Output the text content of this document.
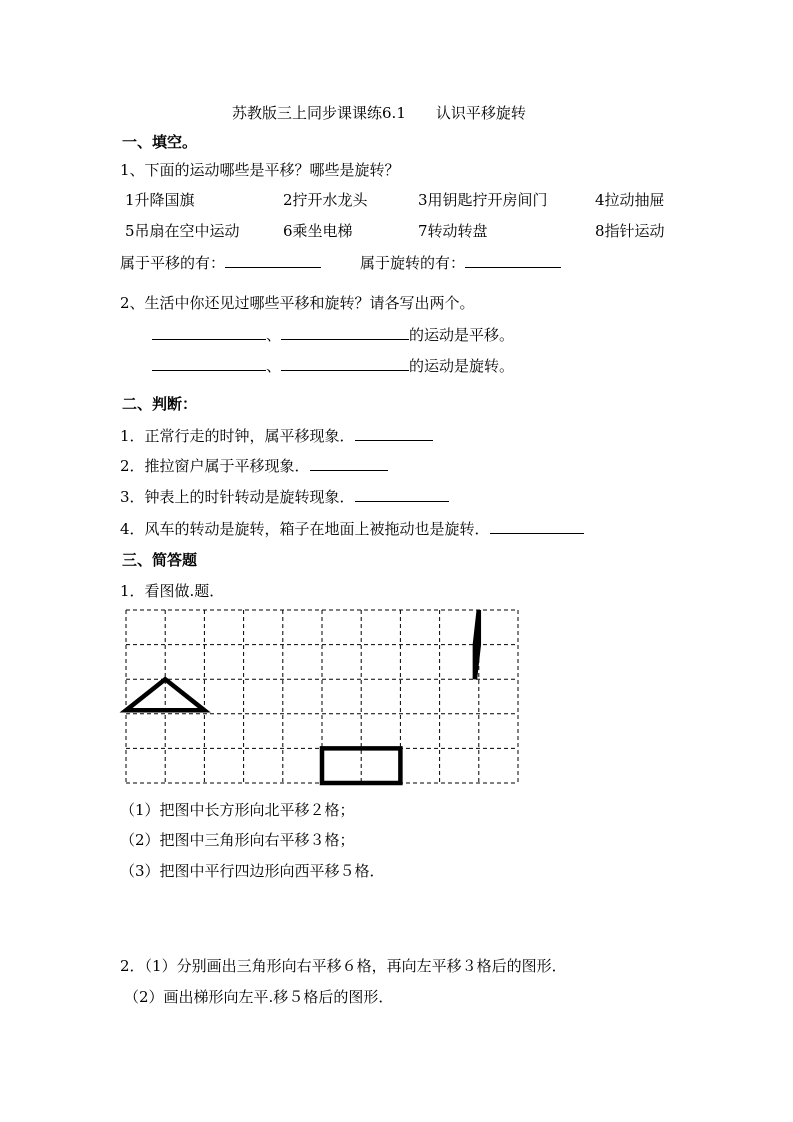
苏教版三上同步课课练6.1　　认识平移旋转
一、填空。
1、下面的运动哪些是平移？哪些是旋转？
1升降国旗	2拧开水龙头	3用钥匙拧开房间门	4拉动抽屉
5吊扇在空中运动	6乘坐电梯	7转动转盘	8指针运动
属于平移的有：	属于旋转的有：
2、生活中你还见过哪些平移和旋转？请各写出两个。
、	的运动是平移。
、	的运动是旋转。
二、判断：
1．正常行走的时钟，属平移现象．
2．推拉窗户属于平移现象．
3．钟表上的时针转动是旋转现象．
4．风车的转动是旋转，箱子在地面上被拖动也是旋转．
三、简答题
1．看图做.题．
（1）把图中长方形向北平移２格；
（2）把图中三角形向右平移３格；
（3）把图中平行四边形向西平移５格．
2．（1）分别画出三角形向右平移６格，再向左平移３格后的图形．
（2）画出梯形向左平.移５格后的图形．
